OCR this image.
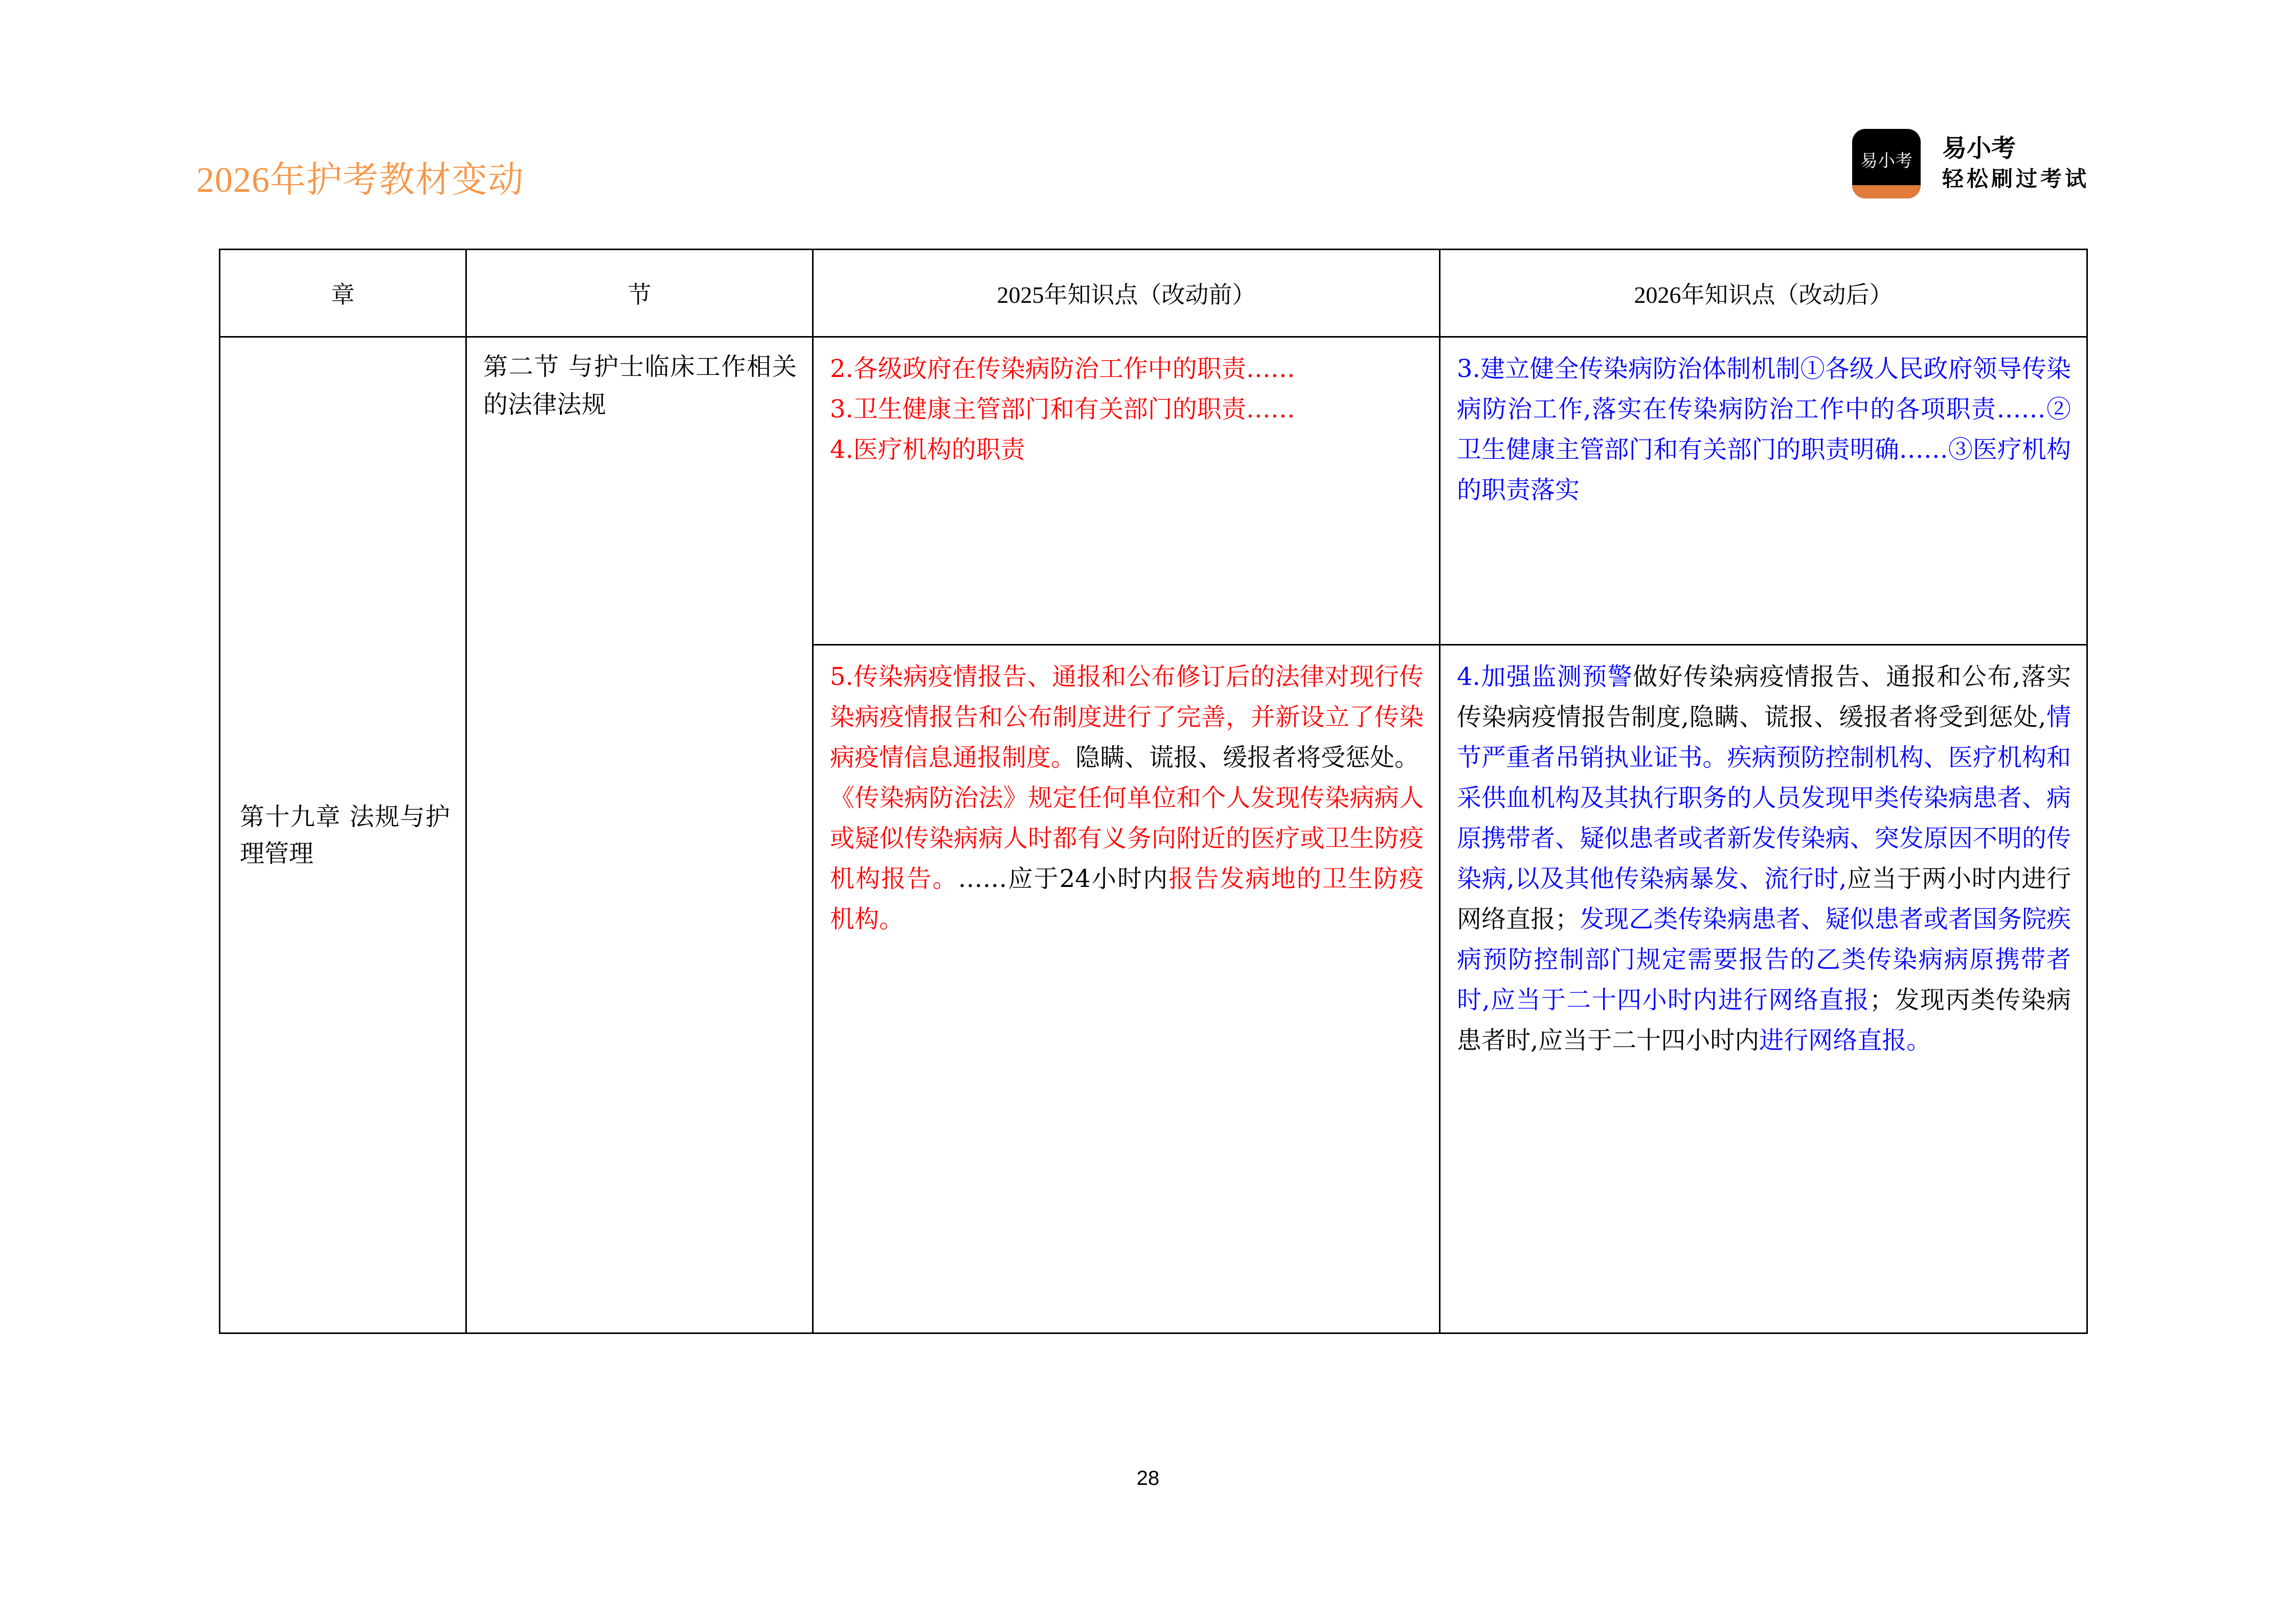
2026年护考教材变动	易小考	易小考
轻松刷过考试
章	节	2025年知识点（改动前）	2026年知识点（改动后）

第十九章 法规与护理管理	第二节 与护士临床工作相关的法律法规	2.各级政府在传染病防治工作中的职责……
3.卫生健康主管部门和有关部门的职责……
4.医疗机构的职责	3.建立健全传染病防治体制机制①各级人民政府领导传染病防治工作,落实在传染病防治工作中的各项职责……②卫生健康主管部门和有关部门的职责明确……③医疗机构的职责落实

		5.传染病疫情报告、通报和公布修订后的法律对现行传染病疫情报告和公布制度进行了完善，并新设立了传染病疫情信息通报制度。隐瞒、谎报、缓报者将受惩处。
《传染病防治法》规定任何单位和个人发现传染病病人或疑似传染病病人时都有义务向附近的医疗或卫生防疫机构报告。……应于24小时内报告发病地的卫生防疫机构。	4.加强监测预警做好传染病疫情报告、通报和公布,落实传染病疫情报告制度,隐瞒、谎报、缓报者将受到惩处,情节严重者吊销执业证书。疾病预防控制机构、医疗机构和采供血机构及其执行职务的人员发现甲类传染病患者、病原携带者、疑似患者或者新发传染病、突发原因不明的传染病,以及其他传染病暴发、流行时,应当于两小时内进行网络直报；发现乙类传染病患者、疑似患者或者国务院疾病预防控制部门规定需要报告的乙类传染病病原携带者时,应当于二十四小时内进行网络直报；发现丙类传染病患者时,应当于二十四小时内进行网络直报。
28
